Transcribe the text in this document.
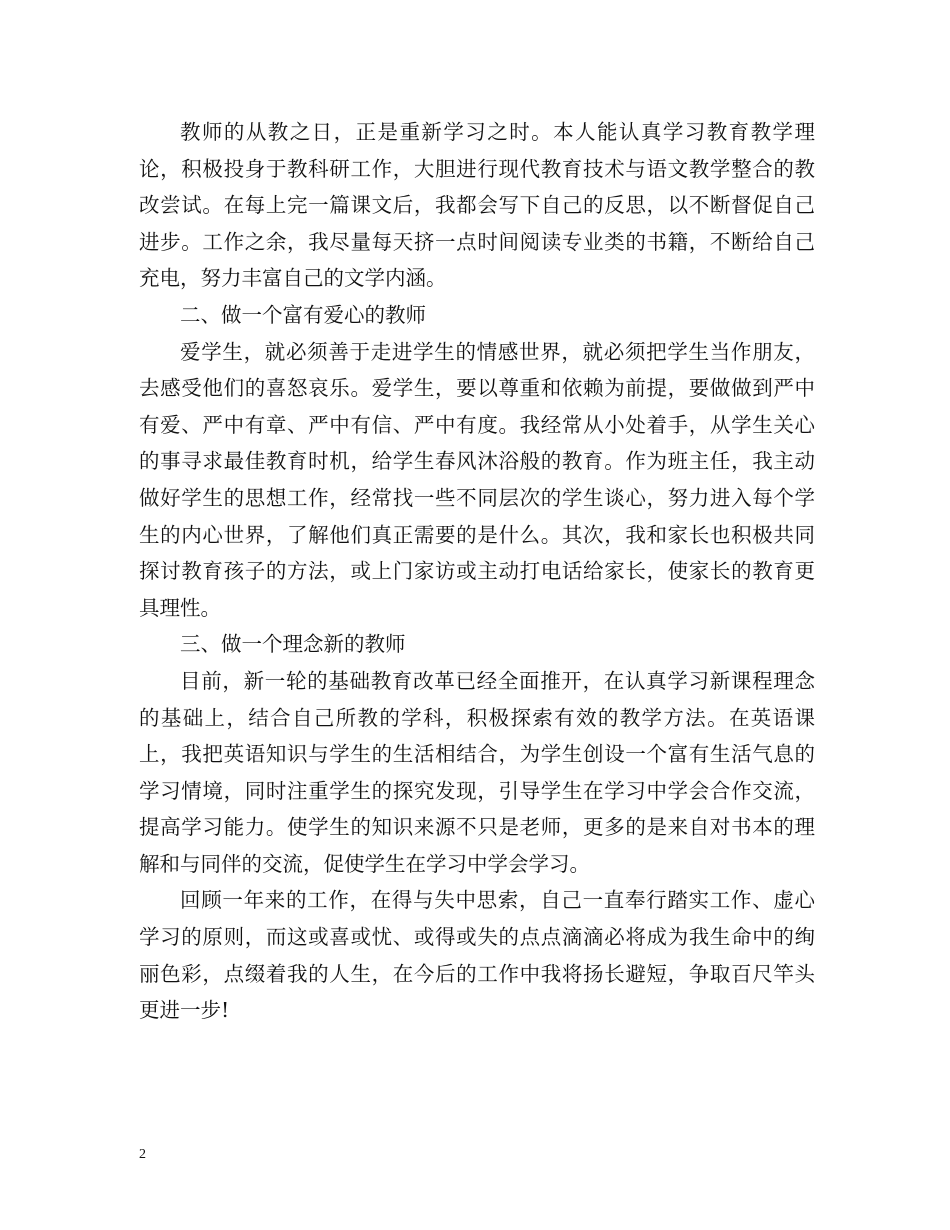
教师的从教之日，正是重新学习之时。本人能认真学习教育教学理论，积极投身于教科研工作，大胆进行现代教育技术与语文教学整合的教改尝试。在每上完一篇课文后，我都会写下自己的反思，以不断督促自己进步。工作之余，我尽量每天挤一点时间阅读专业类的书籍，不断给自己充电，努力丰富自己的文学内涵。

二、做一个富有爱心的教师

爱学生，就必须善于走进学生的情感世界，就必须把学生当作朋友，去感受他们的喜怒哀乐。爱学生，要以尊重和依赖为前提，要做做到严中有爱、严中有章、严中有信、严中有度。我经常从小处着手，从学生关心的事寻求最佳教育时机，给学生春风沐浴般的教育。作为班主任，我主动做好学生的思想工作，经常找一些不同层次的学生谈心，努力进入每个学生的内心世界，了解他们真正需要的是什么。其次，我和家长也积极共同探讨教育孩子的方法，或上门家访或主动打电话给家长，使家长的教育更具理性。

三、做一个理念新的教师

目前，新一轮的基础教育改革已经全面推开，在认真学习新课程理念的基础上，结合自己所教的学科，积极探索有效的教学方法。在英语课上，我把英语知识与学生的生活相结合，为学生创设一个富有生活气息的学习情境，同时注重学生的探究发现，引导学生在学习中学会合作交流，提高学习能力。使学生的知识来源不只是老师，更多的是来自对书本的理解和与同伴的交流，促使学生在学习中学会学习。

回顾一年来的工作，在得与失中思索，自己一直奉行踏实工作、虚心学习的原则，而这或喜或忧、或得或失的点点滴滴必将成为我生命中的绚丽色彩，点缀着我的人生，在今后的工作中我将扬长避短，争取百尺竿头更进一步!

2
